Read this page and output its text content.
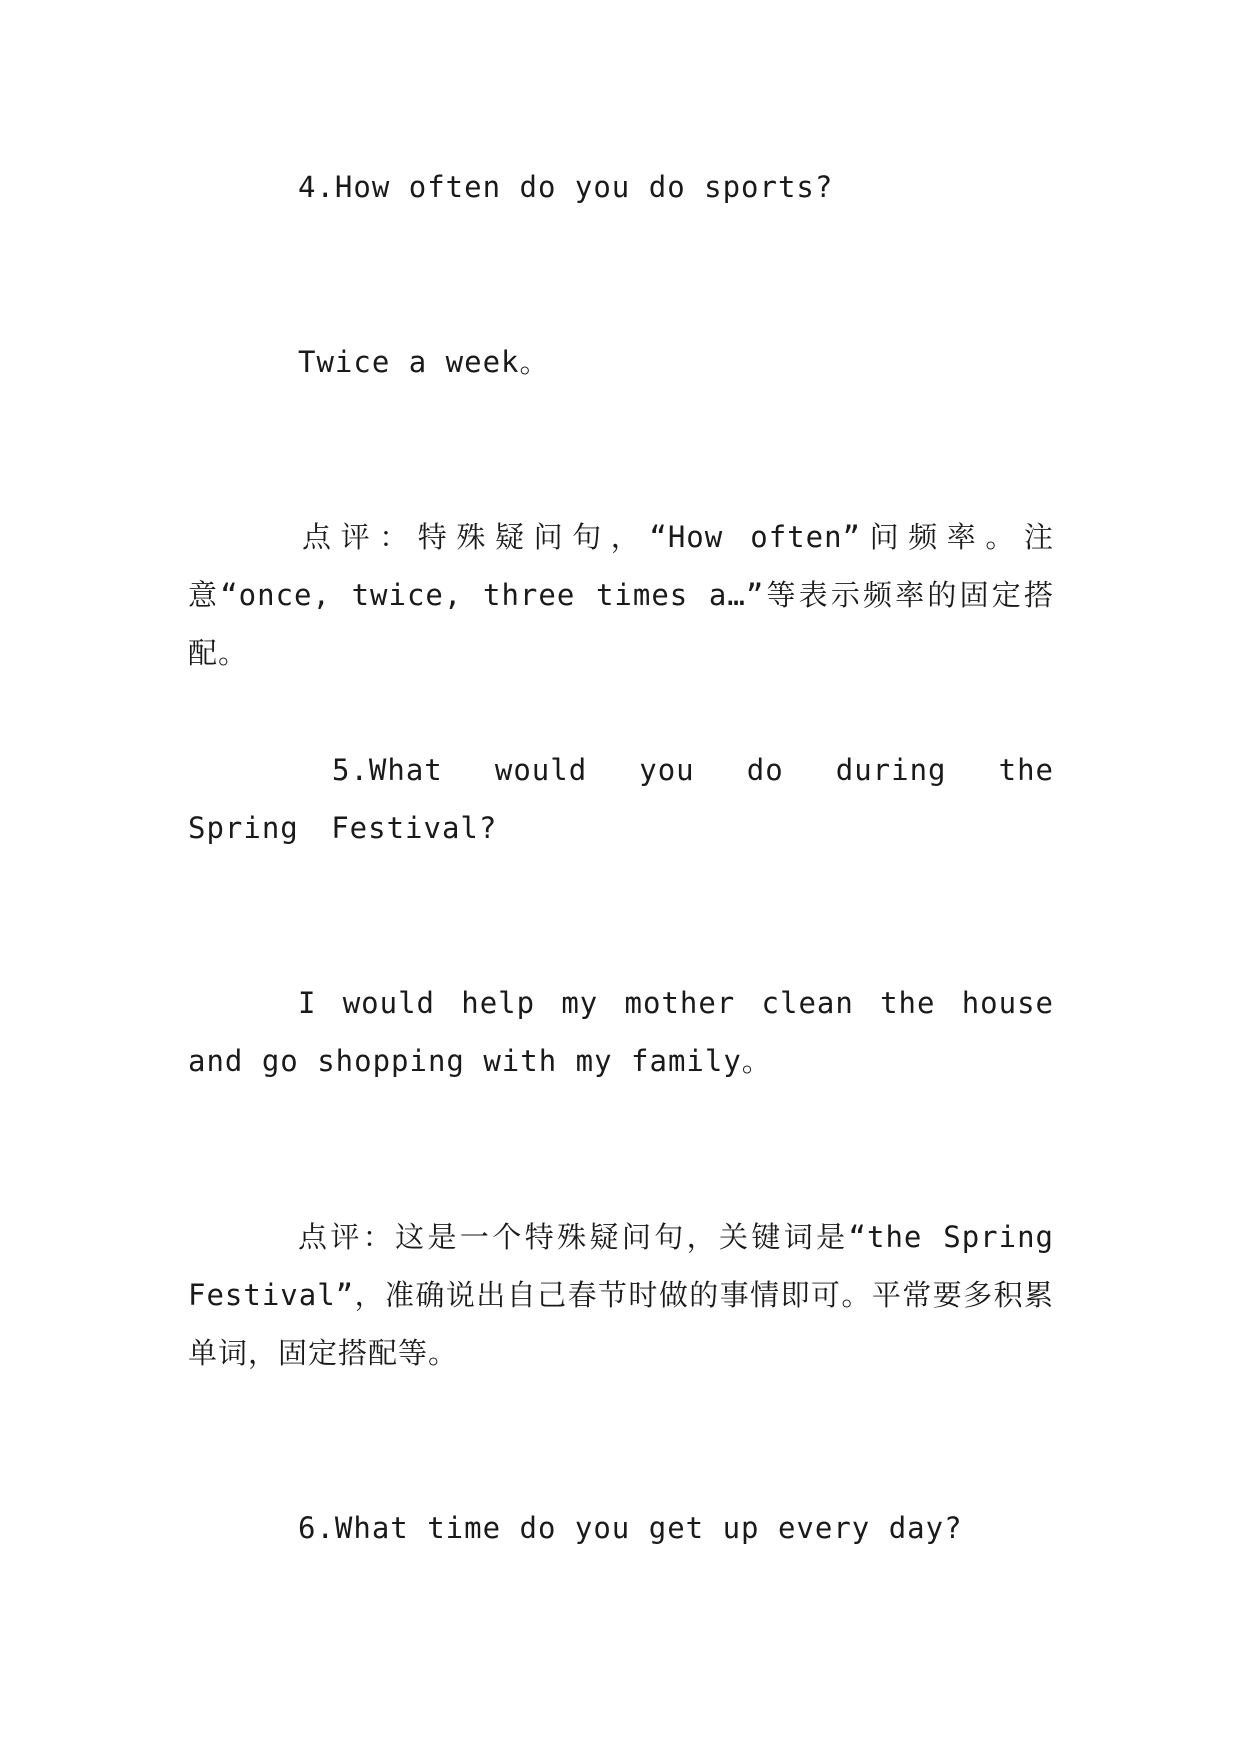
4.How often do you do sports?
Twice a week。
点评：特殊疑问句，“How often”问频率。注意“once, twice, three times a…”等表示频率的固定搭配。
5.What would you do during the Spring Festival?
I would help my mother clean the house and go shopping with my family。
点评：这是一个特殊疑问句，关键词是“the Spring Festival”，准确说出自己春节时做的事情即可。平常要多积累单词，固定搭配等。
6.What time do you get up every day?
